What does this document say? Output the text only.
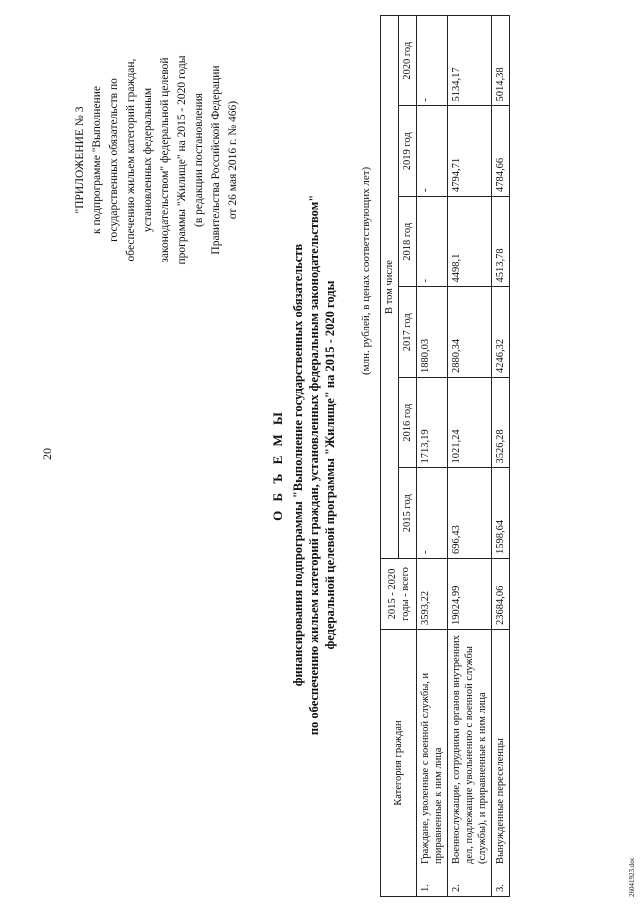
20
"ПРИЛОЖЕНИЕ № 3 к подпрограмме "Выполнение государственных обязательств по обеспечению жильем категорий граждан, установленных федеральным законодательством" федеральной целевой программы "Жилище" на 2015 - 2020 годы (в редакции постановления Правительства Российской Федерации от 26 мая 2016 г. № 466)
О Б Ъ Е М Ы финансирования подпрограммы "Выполнение государственных обязательств по обеспечению жильем категорий граждан, установленных федеральным законодательством" федеральной целевой программы "Жилище" на 2015 - 2020 годы
(млн. рублей, в ценах соответствующих лет)
Категория граждан		2015 - 2020 годы - всего	В том числе					
			2015 год	2016 год	2017 год	2018 год	2019 год	2020 год
1.	Граждане, уволенные с военной службы, и приравненные к ним лица	3593,22	-	1713,19	1880,03	-	-	-
2.	Военнослужащие, сотрудники органов внутренних дел, подлежащие увольнению с военной службы (службы), и приравненные к ним лица	19024,99	696,43	1021,24	2880,34	4498,1	4794,71	5134,17
3.	Вынужденные переселенцы	23684,06	1598,64	3526,28	4246,32	4513,78	4784,66	5014,38
26041923.doc
